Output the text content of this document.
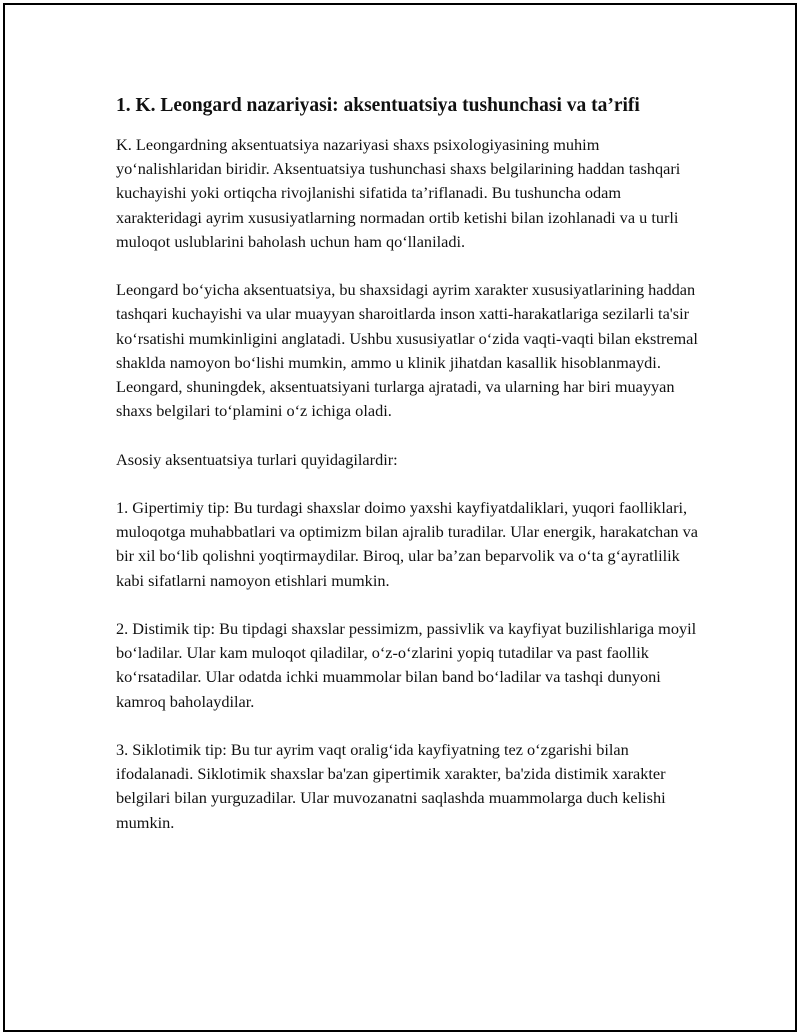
1. K. Leongard nazariyasi: aksentuatsiya tushunchasi va ta’rifi

K. Leongardning aksentuatsiya nazariyasi shaxs psixologiyasining muhim yo‘nalishlaridan biridir. Aksentuatsiya tushunchasi shaxs belgilarining haddan tashqari kuchayishi yoki ortiqcha rivojlanishi sifatida ta’riflanadi. Bu tushuncha odam xarakteridagi ayrim xususiyatlarning normadan ortib ketishi bilan izohlanadi va u turli muloqot uslublarini baholash uchun ham qo‘llaniladi.

Leongard bo‘yicha aksentuatsiya, bu shaxsidagi ayrim xarakter xususiyatlarining haddan tashqari kuchayishi va ular muayyan sharoitlarda inson xatti-harakatlariga sezilarli ta'sir ko‘rsatishi mumkinligini anglatadi. Ushbu xususiyatlar o‘zida vaqti-vaqti bilan ekstremal shaklda namoyon bo‘lishi mumkin, ammo u klinik jihatdan kasallik hisoblanmaydi. Leongard, shuningdek, aksentuatsiyani turlarga ajratadi, va ularning har biri muayyan shaxs belgilari to‘plamini o‘z ichiga oladi.

Asosiy aksentuatsiya turlari quyidagilardir:

1. Gipertimiy tip: Bu turdagi shaxslar doimo yaxshi kayfiyatdaliklari, yuqori faolliklari, muloqotga muhabbatlari va optimizm bilan ajralib turadilar. Ular energik, harakatchan va bir xil bo‘lib qolishni yoqtirmaydilar. Biroq, ular ba’zan beparvolik va o‘ta g‘ayratlilik kabi sifatlarni namoyon etishlari mumkin.

2. Distimik tip: Bu tipdagi shaxslar pessimizm, passivlik va kayfiyat buzilishlariga moyil bo‘ladilar. Ular kam muloqot qiladilar, o‘z-o‘zlarini yopiq tutadilar va past faollik ko‘rsatadilar. Ular odatda ichki muammolar bilan band bo‘ladilar va tashqi dunyoni kamroq baholaydilar.

3. Siklotimik tip: Bu tur ayrim vaqt oralig‘ida kayfiyatning tez o‘zgarishi bilan ifodalanadi. Siklotimik shaxslar ba'zan gipertimik xarakter, ba'zida distimik xarakter belgilari bilan yurguzadilar. Ular muvozanatni saqlashda muammolarga duch kelishi mumkin.
